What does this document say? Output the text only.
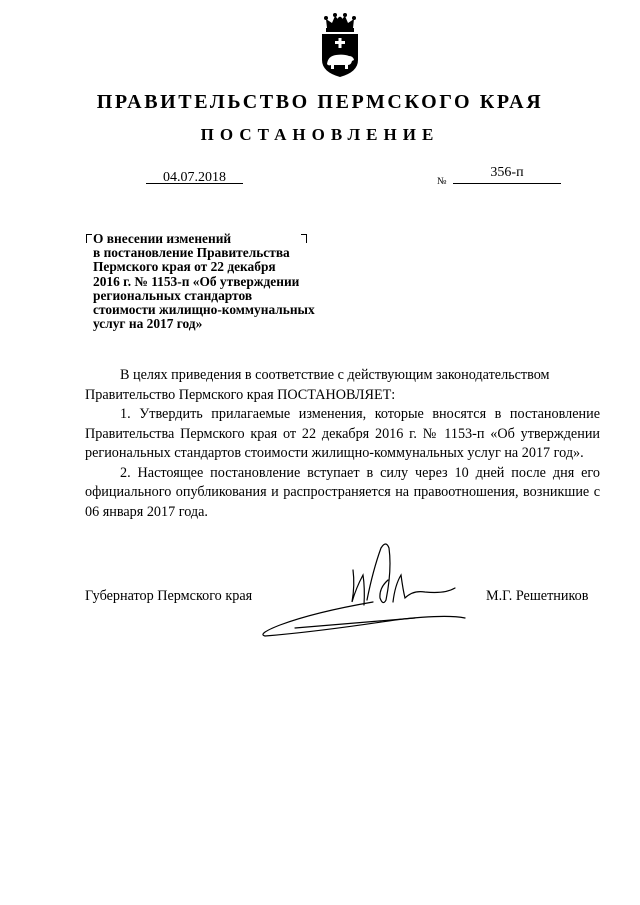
ПРАВИТЕЛЬСТВО ПЕРМСКОГО КРАЯ
ПОСТАНОВЛЕНИЕ
04.07.2018	№
356-п
О внесении изменений
в постановление Правительства
Пермского края от 22 декабря
2016 г. № 1153-п «Об утверждении
региональных стандартов
стоимости жилищно-коммунальных
услуг на 2017 год»

В целях приведения в соответствие с действующим законодательством

Правительство Пермского края ПОСТАНОВЛЯЕТ:

1. Утвердить прилагаемые изменения, которые вносятся в постановление Правительства Пермского края от 22 декабря 2016 г. № 1153-п «Об утверждении региональных стандартов стоимости жилищно-коммунальных услуг на 2017 год».

2. Настоящее постановление вступает в силу через 10 дней после дня его официального опубликования и распространяется на правоотношения, возникшие с 06 января 2017 года.

Губернатор Пермского края	М.Г. Решетников
